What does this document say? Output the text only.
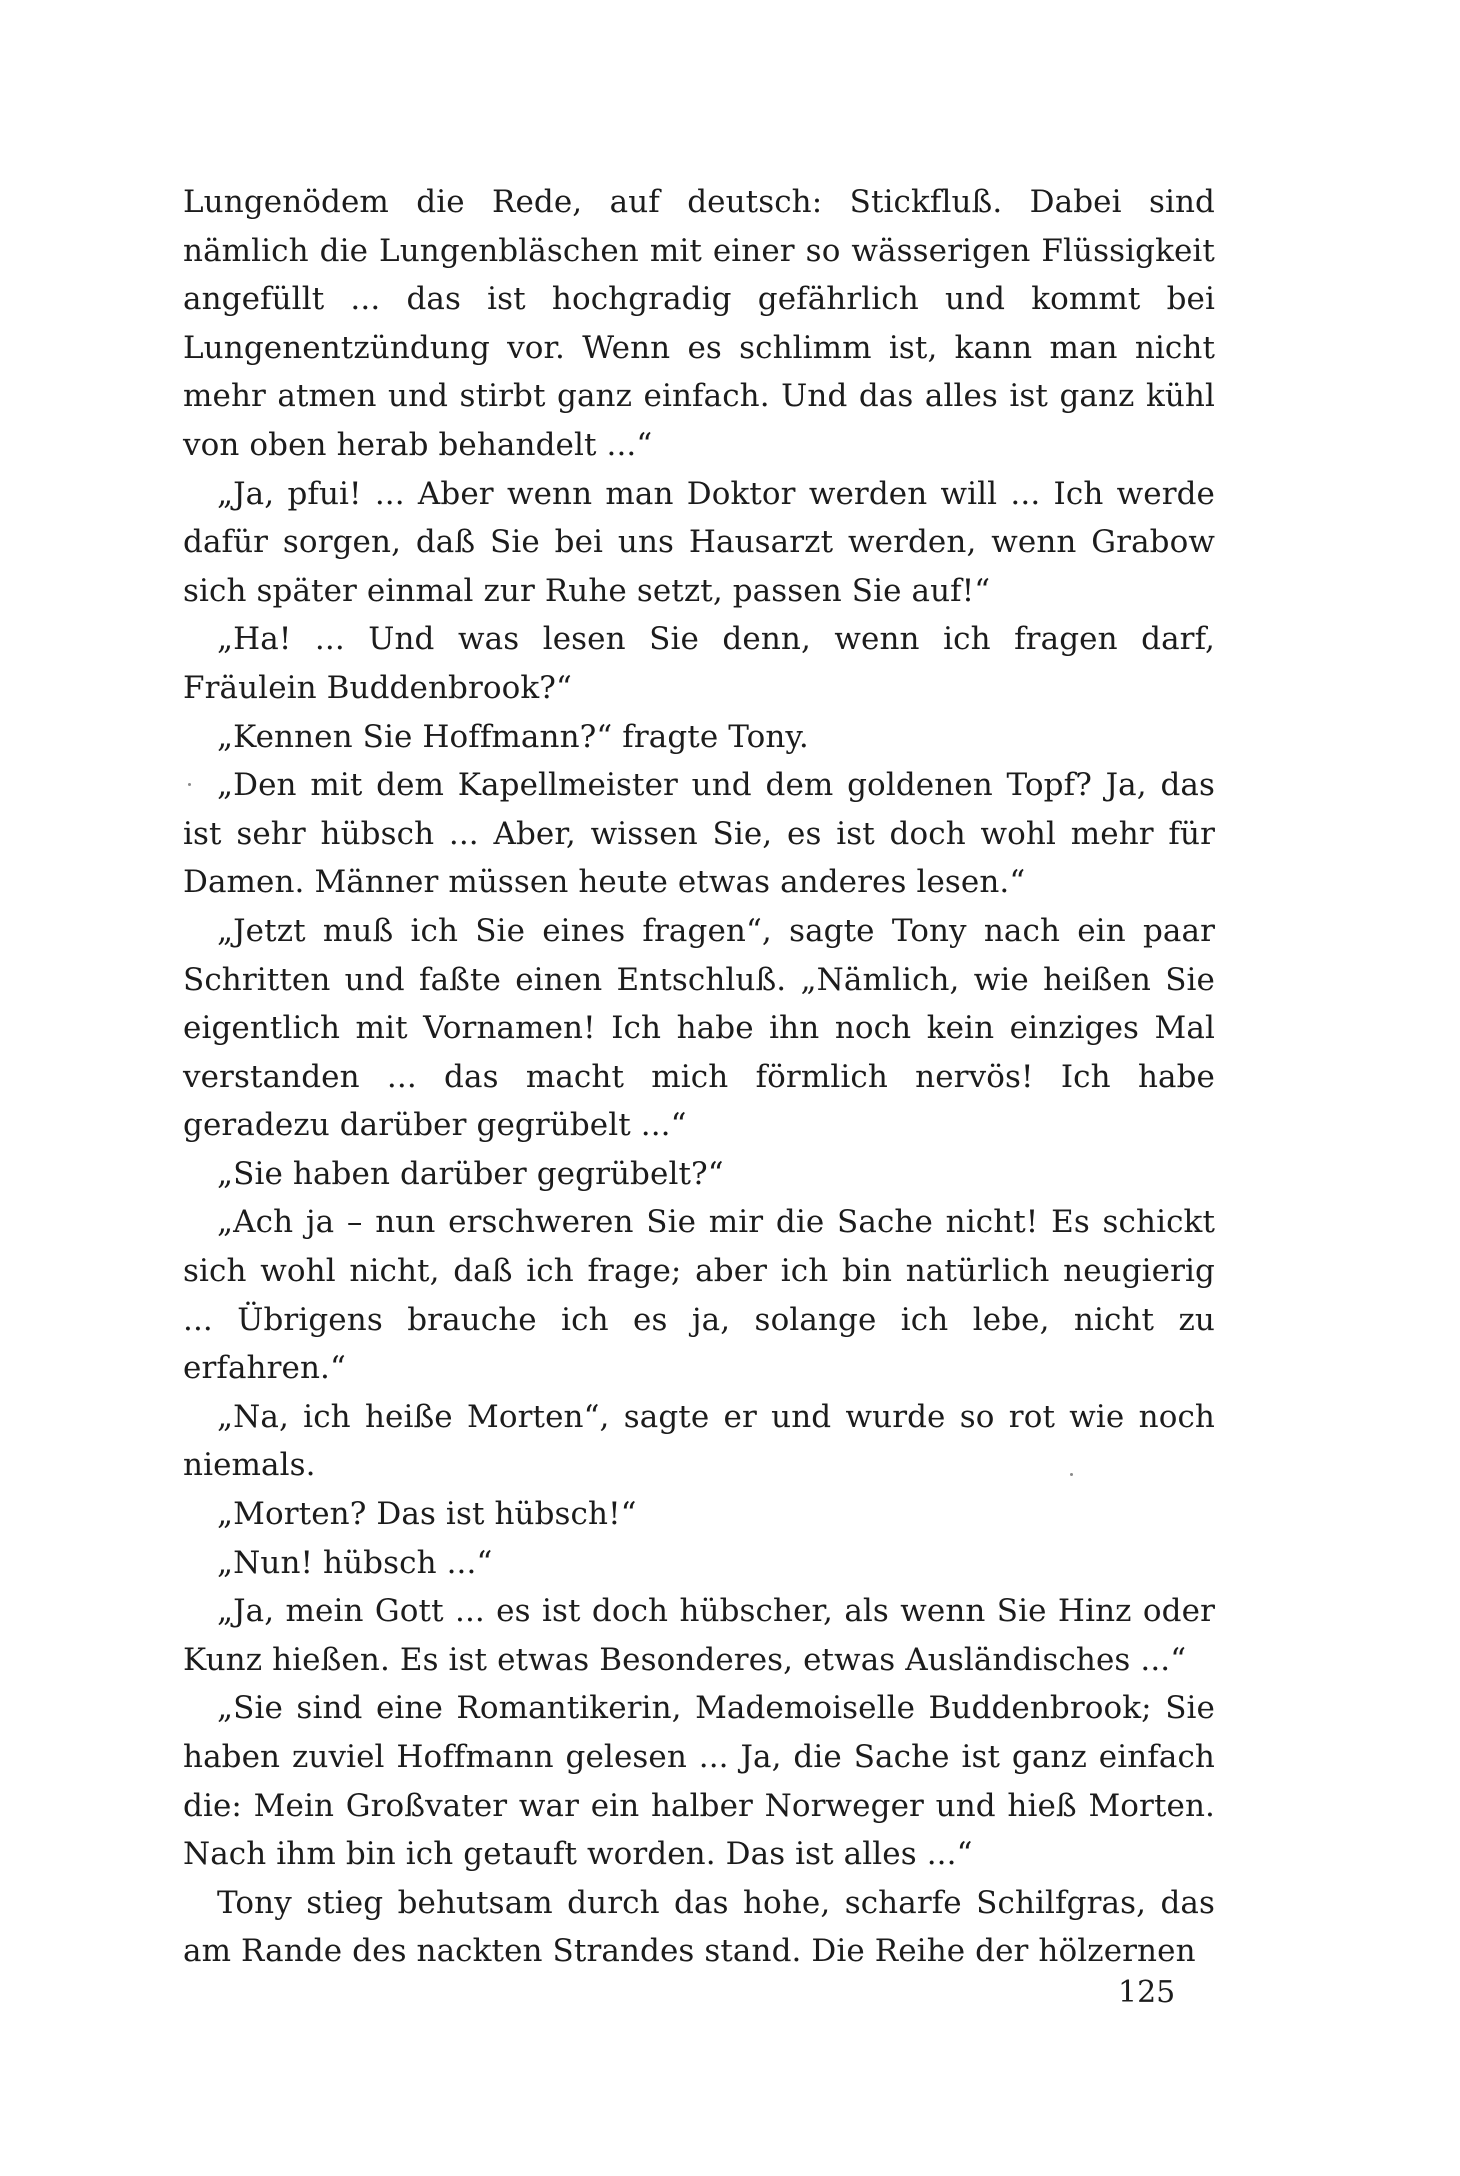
Lungenödem die Rede, auf deutsch: Stickfluß. Dabei sind nämlich die Lungenbläschen mit einer so wässerigen Flüssigkeit angefüllt ... das ist hochgradig gefährlich und kommt bei Lungenentzündung vor. Wenn es schlimm ist, kann man nicht mehr atmen und stirbt ganz einfach. Und das alles ist ganz kühl von oben herab behandelt ...“

„Ja, pfui! ... Aber wenn man Doktor werden will ... Ich werde dafür sorgen, daß Sie bei uns Hausarzt werden, wenn Grabow sich später einmal zur Ruhe setzt, passen Sie auf!“

„Ha! ... Und was lesen Sie denn, wenn ich fragen darf, Fräulein Buddenbrook?“

„Kennen Sie Hoffmann?“ fragte Tony.

„Den mit dem Kapellmeister und dem goldenen Topf? Ja, das ist sehr hübsch ... Aber, wissen Sie, es ist doch wohl mehr für Damen. Männer müssen heute etwas anderes lesen.“

„Jetzt muß ich Sie eines fragen“, sagte Tony nach ein paar Schritten und faßte einen Entschluß. „Nämlich, wie heißen Sie eigentlich mit Vornamen! Ich habe ihn noch kein einziges Mal verstanden ... das macht mich förmlich nervös! Ich habe geradezu darüber gegrübelt ...“

„Sie haben darüber gegrübelt?“

„Ach ja – nun erschweren Sie mir die Sache nicht! Es schickt sich wohl nicht, daß ich frage; aber ich bin natürlich neugierig ... Übrigens brauche ich es ja, solange ich lebe, nicht zu erfahren.“

„Na, ich heiße Morten“, sagte er und wurde so rot wie noch niemals.

„Morten? Das ist hübsch!“

„Nun! hübsch ...“

„Ja, mein Gott ... es ist doch hübscher, als wenn Sie Hinz oder Kunz hießen. Es ist etwas Besonderes, etwas Ausländisches ...“

„Sie sind eine Romantikerin, Mademoiselle Buddenbrook; Sie haben zuviel Hoffmann gelesen ... Ja, die Sache ist ganz einfach die: Mein Großvater war ein halber Norweger und hieß Morten. Nach ihm bin ich getauft worden. Das ist alles ...“

Tony stieg behutsam durch das hohe, scharfe Schilfgras, das am Rande des nackten Strandes stand. Die Reihe der hölzernen

125
